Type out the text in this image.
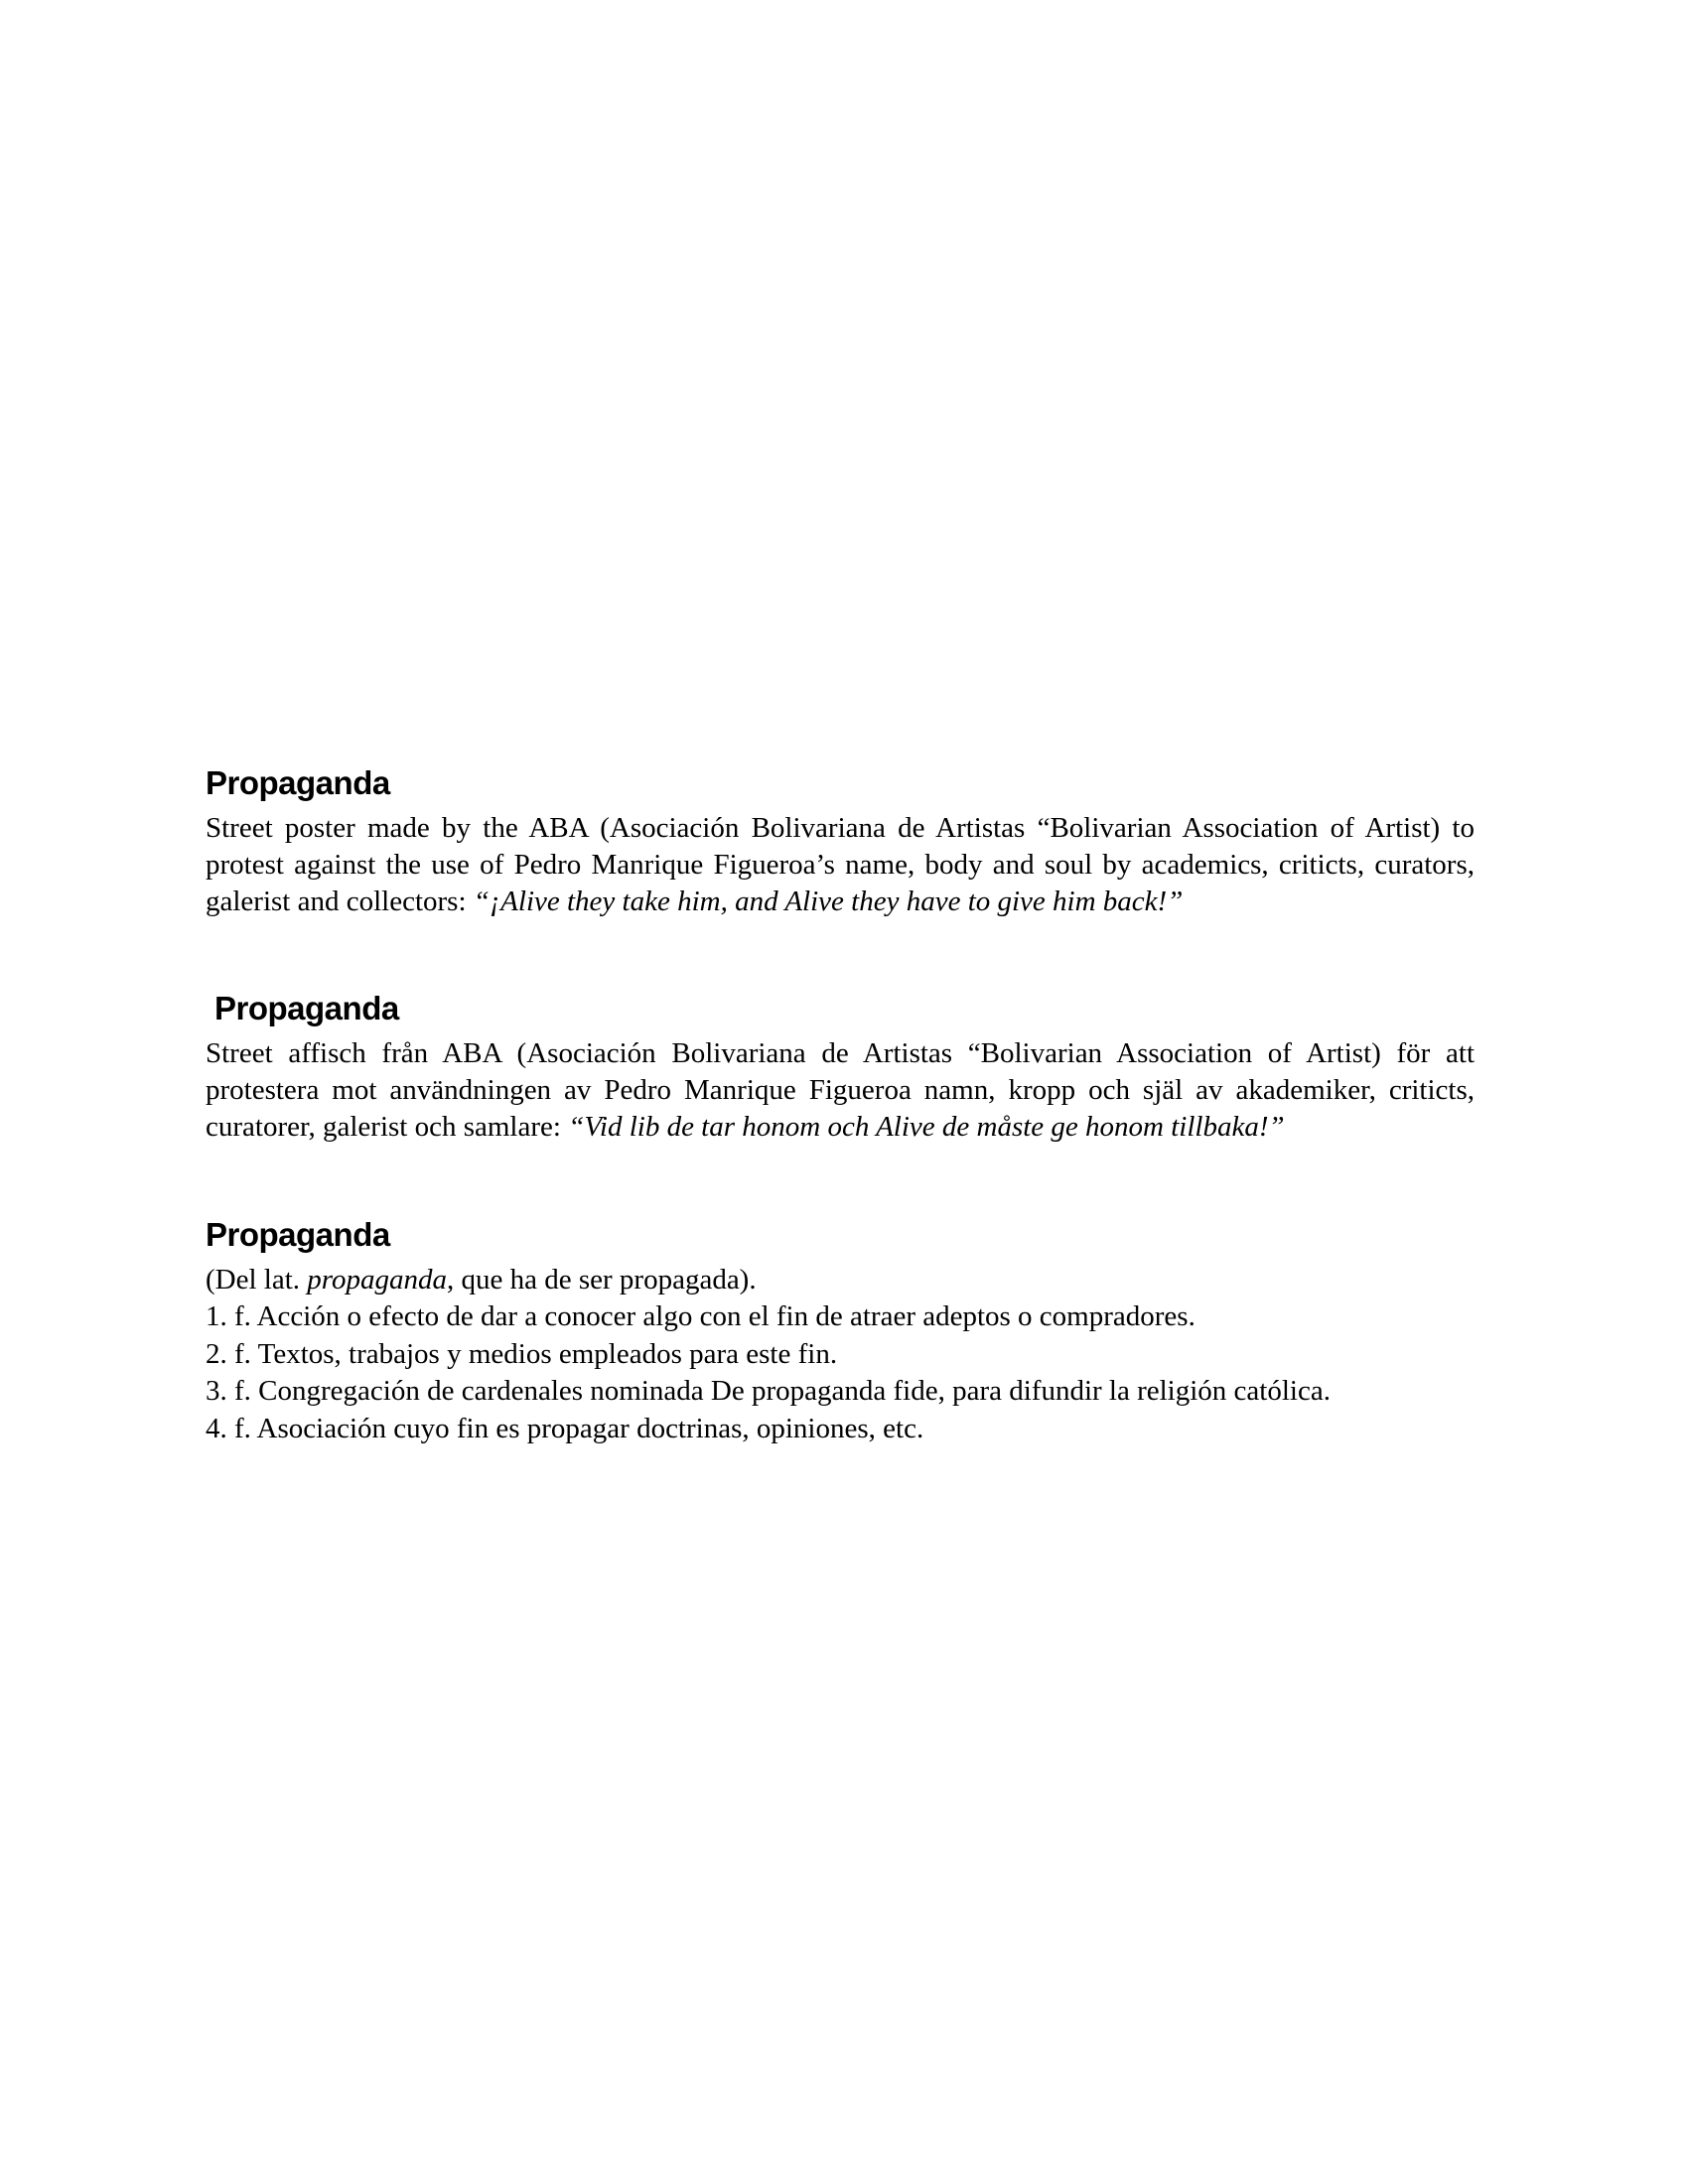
Propaganda

Street poster made by the ABA (Asociación Bolivariana de Artistas “Bolivarian Association of Artist) to protest against the use of Pedro Manrique Figueroa’s name, body and soul by academics, criticts, curators, galerist and collectors: “¡Alive they take him, and Alive they have to give him back!”

Propaganda

Street affisch från ABA (Asociación Bolivariana de Artistas “Bolivarian Association of Artist) för att protestera mot användningen av Pedro Manrique Figueroa namn, kropp och själ av akademiker, criticts, curatorer, galerist och samlare: “Vid lib de tar honom och Alive de måste ge honom tillbaka!”

Propaganda

(Del lat. propaganda, que ha de ser propagada).

1. f. Acción o efecto de dar a conocer algo con el fin de atraer adeptos o compradores.

2. f. Textos, trabajos y medios empleados para este fin.

3. f. Congregación de cardenales nominada De propaganda fide, para difundir la religión católica.

4. f. Asociación cuyo fin es propagar doctrinas, opiniones, etc.
